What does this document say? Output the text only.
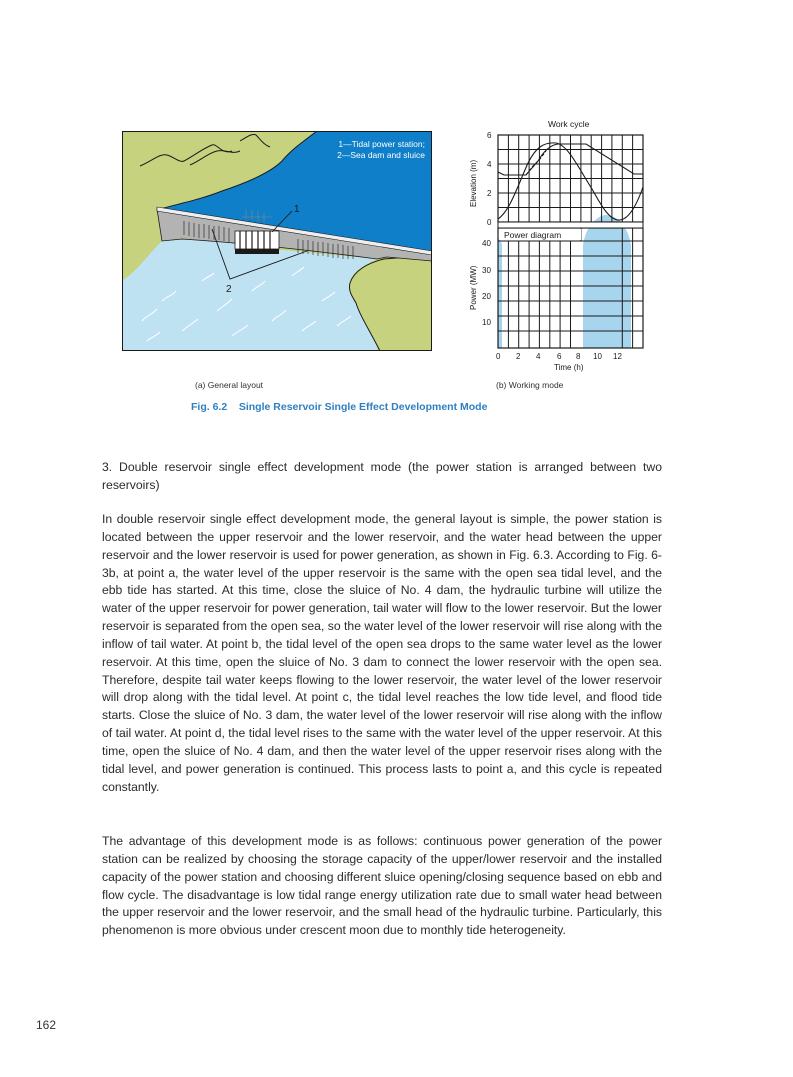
1—Tidal power station;
2—Sea dam and sluice
1
2
Power diagram
Work cycle
6
4
2
0
40
30
20
10
0 2 4 6 8 10 12
Time (h)
Elevation (m)
Power (MW)
(a) General layout	(b) Working mode
Fig. 6.2    Single Reservoir Single Effect Development Mode
3. Double reservoir single effect development mode (the power station is arranged between two reservoirs)

In double reservoir single effect development mode, the general layout is simple, the power station is located between the upper reservoir and the lower reservoir, and the water head between the upper reservoir and the lower reservoir is used for power generation, as shown in Fig. 6.3. According to Fig. 6-3b, at point a, the water level of the upper reservoir is the same with the open sea tidal level, and the ebb tide has started. At this time, close the sluice of No. 4 dam, the hydraulic turbine will utilize the water of the upper reservoir for power generation, tail water will flow to the lower reservoir. But the lower reservoir is separated from the open sea, so the water level of the lower reservoir will rise along with the inflow of tail water. At point b, the tidal level of the open sea drops to the same water level as the lower reservoir. At this time, open the sluice of No. 3 dam to connect the lower reservoir with the open sea. Therefore, despite tail water keeps flowing to the lower reservoir, the water level of the lower reservoir will drop along with the tidal level. At point c, the tidal level reaches the low tide level, and flood tide starts. Close the sluice of No. 3 dam, the water level of the lower reservoir will rise along with the inflow of tail water. At point d, the tidal level rises to the same with the water level of the upper reservoir. At this time, open the sluice of No. 4 dam, and then the water level of the upper reservoir rises along with the tidal level, and power generation is continued. This process lasts to point a, and this cycle is repeated constantly.

The advantage of this development mode is as follows: continuous power generation of the power station can be realized by choosing the storage capacity of the upper/lower reservoir and the installed capacity of the power station and choosing different sluice opening/closing sequence based on ebb and flow cycle. The disadvantage is low tidal range energy utilization rate due to small water head between the upper reservoir and the lower reservoir, and the small head of the hydraulic turbine. Particularly, this phenomenon is more obvious under crescent moon due to monthly tide heterogeneity.

162
